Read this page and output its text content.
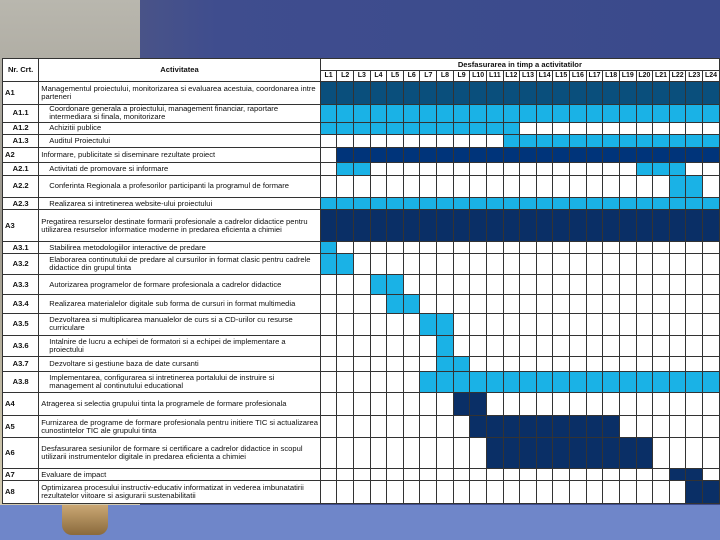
Nr. Crt.	Activitatea	Desfasurarea in timp a activitatilor																							
		L1	L2	L3	L4	L5	L6	L7	L8	L9	L10	L11	L12	L13	L14	L15	L16	L17	L18	L19	L20	L21	L22	L23	L24
A1	Managementul proiectului, monitorizarea si evaluarea acestuia, coordonarea intre parteneri																								
A1.1	Coordonare generala a proiectului, management financiar, raportare intermediara si finala, monitorizare																								
A1.2	Achizitii publice																								
A1.3	Auditul Proiectului																								
A2	Informare, publicitate si diseminare rezultate proiect																								
A2.1	Activitati de promovare si informare																								
A2.2	Conferinta Regionala a profesorilor participanti la programul de formare																								
A2.3	Realizarea si intretinerea website-ului proiectului																								
A3	Pregatirea resurselor destinate formarii profesionale a cadrelor didactice pentru utilizarea resurselor informatice moderne in predarea eficienta a chimiei																								
A3.1	Stabilirea metodologiilor interactive de predare																								
A3.2	Elaborarea continutului de predare al cursurilor in format clasic pentru cadrele didactice din grupul tinta																								
A3.3	Autorizarea programelor de formare profesionala a cadrelor didactice																								
A3.4	Realizarea materialelor digitale sub forma de cursuri in format multimedia																								
A3.5	Dezvoltarea si multiplicarea manualelor de curs si a CD-urilor cu resurse curriculare																								
A3.6	Intalnire de lucru a echipei de formatori si a echipei de implementare a proiectului																								
A3.7	Dezvoltare si gestiune baza de date cursanti																								
A3.8	Implementarea, configurarea si intretinerea portalului de instruire si management al continutului educational																								
A4	Atragerea si selectia grupului tinta la programele de formare profesionala																								
A5	Furnizarea de programe de formare profesionala pentru initiere TIC si actualizarea cunostintelor TIC ale grupului tinta																								
A6	Desfasurarea sesiunilor de formare si certificare a cadrelor didactice in scopul utilizarii instrumentelor digitale in predarea eficienta a chimiei																								
A7	Evaluare de impact																								
A8	Optimizarea procesului instructiv-educativ informatizat in vederea imbunatatirii rezultatelor viitoare si asigurarii sustenabilitatii																								
